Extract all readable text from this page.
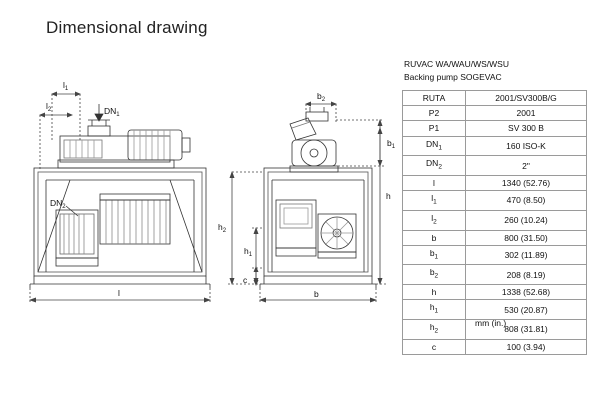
Dimensional drawing
$l_1$
$l_2$	$DN_1$
$DN_2$
l
$b_2$
$b_1$
h
$h_2$
$h_1$
c
b
RUVAC WA/WAU/WS/WSU
Backing pump SOGEVAC
RUTA	2001/SV300B/G
P2	2001
P1	SV 300 B
$DN_1$	160 ISO-K
$DN_2$	2"
l	1340 (52.76)
$l_1$	470 (8.50)
$l_2$	260 (10.24)
b	800 (31.50)
$b_1$	302 (11.89)
$b_2$	208 (8.19)
h	1338 (52.68)
$h_1$	530 (20.87)
$h_2$	808 (31.81)
c	100 (3.94)
mm (in.)
